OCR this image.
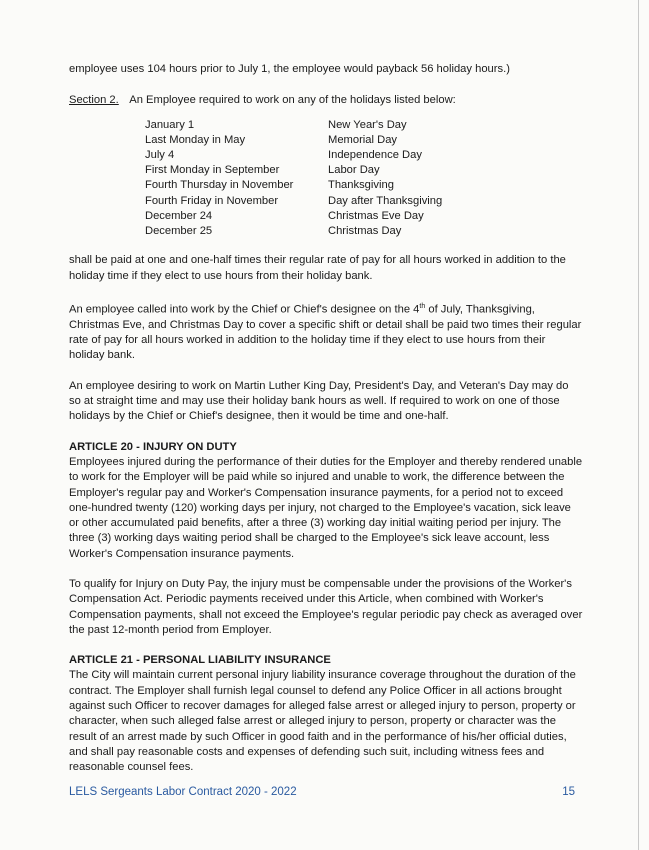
employee uses 104 hours prior to July 1, the employee would payback 56 holiday hours.)

Section 2. An Employee required to work on any of the holidays listed below:

January 1	New Year's Day
Last Monday in May	Memorial Day
July 4	Independence Day
First Monday in September	Labor Day
Fourth Thursday in November	Thanksgiving
Fourth Friday in November	Day after Thanksgiving
December 24	Christmas Eve Day
December 25	Christmas Day

shall be paid at one and one-half times their regular rate of pay for all hours worked in addition to the holiday time if they elect to use hours from their holiday bank.

An employee called into work by the Chief or Chief's designee on the 4th of July, Thanksgiving, Christmas Eve, and Christmas Day to cover a specific shift or detail shall be paid two times their regular rate of pay for all hours worked in addition to the holiday time if they elect to use hours from their holiday bank.

An employee desiring to work on Martin Luther King Day, President's Day, and Veteran's Day may do so at straight time and may use their holiday bank hours as well. If required to work on one of those holidays by the Chief or Chief's designee, then it would be time and one-half.

ARTICLE 20 - INJURY ON DUTY

Employees injured during the performance of their duties for the Employer and thereby rendered unable to work for the Employer will be paid while so injured and unable to work, the difference between the Employer's regular pay and Worker's Compensation insurance payments, for a period not to exceed one-hundred twenty (120) working days per injury, not charged to the Employee's vacation, sick leave or other accumulated paid benefits, after a three (3) working day initial waiting period per injury. The three (3) working days waiting period shall be charged to the Employee's sick leave account, less Worker's Compensation insurance payments.

To qualify for Injury on Duty Pay, the injury must be compensable under the provisions of the Worker's Compensation Act. Periodic payments received under this Article, when combined with Worker's Compensation payments, shall not exceed the Employee's regular periodic pay check as averaged over the past 12-month period from Employer.

ARTICLE 21 - PERSONAL LIABILITY INSURANCE

The City will maintain current personal injury liability insurance coverage throughout the duration of the contract. The Employer shall furnish legal counsel to defend any Police Officer in all actions brought against such Officer to recover damages for alleged false arrest or alleged injury to person, property or character, when such alleged false arrest or alleged injury to person, property or character was the result of an arrest made by such Officer in good faith and in the performance of his/her official duties, and shall pay reasonable costs and expenses of defending such suit, including witness fees and reasonable counsel fees.

LELS Sergeants Labor Contract 2020 - 2022	15
